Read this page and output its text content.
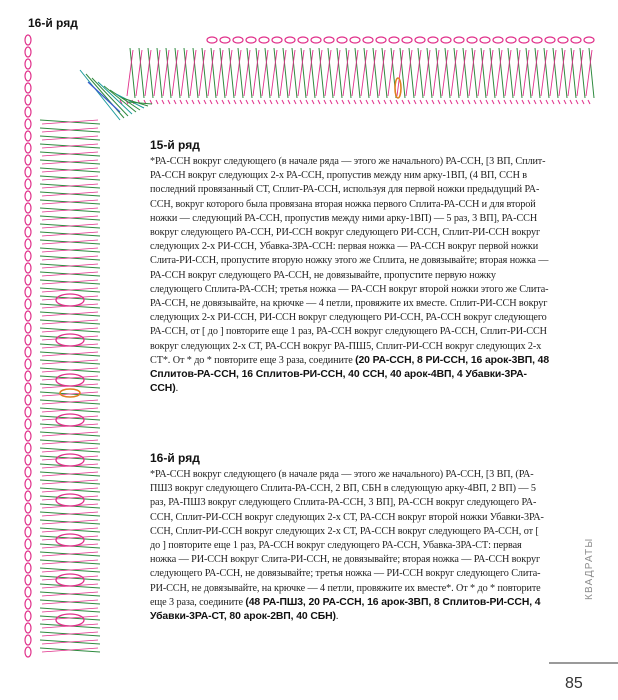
16-й ряд
15-й ряд

*РА-ССН вокруг следующего (в начале ряда — этого же начального) РА-ССН, [3 ВП, Сплит-РА-ССН вокруг следующих 2-х РА-ССН, пропустив между ним арку-1ВП, (4 ВП, ССН в последний провязанный СТ, Сплит-РА-ССН, используя для первой ножки предыдущий РА-ССН, вокруг которого была провязана вторая ножка первого Сплита-РА-ССН и для второй ножки — следующий РА-ССН, пропустив между ними арку-1ВП) — 5 раз, 3 ВП], РА-ССН вокруг следующего РА-ССН, РИ-ССН вокруг следующего РИ-ССН, Сплит-РИ-ССН вокруг следующих 2-х РИ-ССН, Убавка-3РА-ССН: первая ножка — РА-ССН вокруг первой ножки Слита-РИ-ССН, пропустите вторую ножку этого же Сплита, не довязывайте; вторая ножка — РА-ССН вокруг следующего РА-ССН, не довязывайте, пропустите первую ножку следующего Сплита-РА-ССН; третья ножка — РА-ССН вокруг второй ножки этого же Слита-РА-ССН, не довязывайте, на крючке — 4 петли, провяжите их вместе. Сплит-РИ-ССН вокруг следующих 2-х РИ-ССН, РИ-ССН вокруг следующего РИ-ССН, РА-ССН вокруг следующего РА-ССН, от [ до ] повторите еще 1 раз, РА-ССН вокруг следующего РА-ССН, Сплит-РИ-ССН вокруг следующих 2-х СТ, РА-ССН вокруг РА-ПШ5, Сплит-РИ-ССН вокруг следующих 2-х СТ*. От * до * повторите еще 3 раза, соедините (20 РА-ССН, 8 РИ-ССН, 16 арок-3ВП, 48 Сплитов-РА-ССН, 16 Сплитов-РИ-ССН, 40 ССН, 40 арок-4ВП, 4 Убавки-3РА-ССН).

16-й ряд

*РА-ССН вокруг следующего (в начале ряда — этого же начального) РА-ССН, [3 ВП, (РА-ПШ3 вокруг следующего Сплита-РА-ССН, 2 ВП, СБН в следующую арку-4ВП, 2 ВП) — 5 раз, РА-ПШ3 вокруг следующего Сплита-РА-ССН, 3 ВП], РА-ССН вокруг следующего РА-ССН, Сплит-РИ-ССН вокруг следующих 2-х СТ, РА-ССН вокруг второй ножки Убавки-3РА-ССН, Сплит-РИ-ССН вокруг следующих 2-х СТ, РА-ССН вокруг следующего РА-ССН, от [ до ] повторите еще 1 раз, РА-ССН вокруг следующего РА-ССН, Убавка-3РА-СТ: первая ножка — РИ-ССН вокруг Слита-РИ-ССН, не довязывайте; вторая ножка — РА-ССН вокруг следующего РА-ССН, не довязывайте; третья ножка — РИ-ССН вокруг следующего Слита-РИ-ССН, не довязывайте, на крючке — 4 петли, провяжите их вместе*. От * до * повторите еще 3 раза, соедините (48 РА-ПШ3, 20 РА-ССН, 16 арок-3ВП, 8 Сплитов-РИ-ССН, 4 Убавки-3РА-СТ, 80 арок-2ВП, 40 СБН).

КВАДРАТЫ
85
